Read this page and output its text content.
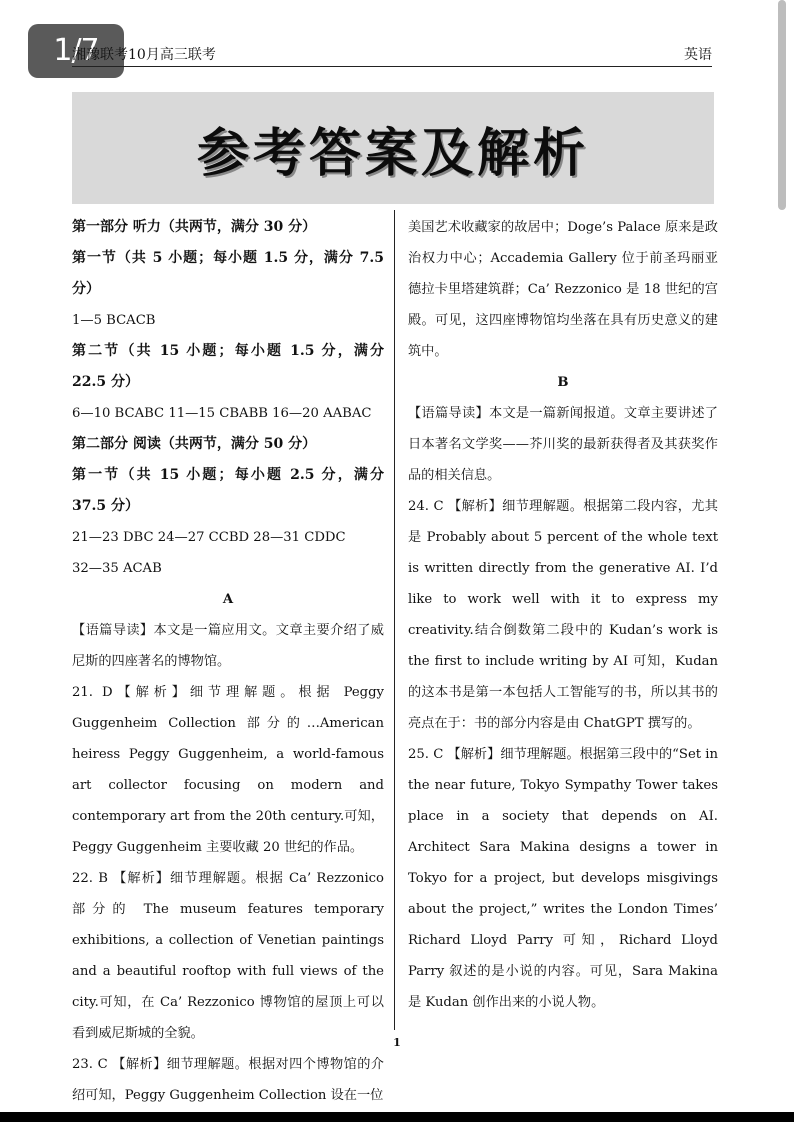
1/7
湘豫联考10月高三联考	英语
参考答案及解析

第一部分 听力（共两节，满分 30 分）

第一节（共 5 小题；每小题 1.5 分，满分 7.5 分）

1—5 BCACB

第二节（共 15 小题；每小题 1.5 分，满分 22.5 分）

6—10 BCABC 11—15 CBABB 16—20 AABAC

第二部分 阅读（共两节，满分 50 分）

第一节（共 15 小题；每小题 2.5 分，满分 37.5 分）

21—23 DBC 24—27 CCBD 28—31 CDDC

32—35 ACAB

A

【语篇导读】本文是一篇应用文。文章主要介绍了威尼斯的四座著名的博物馆。

21. D【解析】细节理解题。根据 Peggy Guggenheim Collection 部分的…American heiress Peggy Guggenheim, a world-famous art collector focusing on modern and contemporary art from the 20th century.可知，Peggy Guggenheim 主要收藏 20 世纪的作品。

22. B 【解析】细节理解题。根据 Ca’ Rezzonico 部分的 The museum features temporary exhibitions, a collection of Venetian paintings and a beautiful rooftop with full views of the city.可知，在 Ca’ Rezzonico 博物馆的屋顶上可以看到威尼斯城的全貌。

23. C 【解析】细节理解题。根据对四个博物馆的介绍可知，Peggy Guggenheim Collection 设在一位

美国艺术收藏家的故居中；Doge’s Palace 原来是政治权力中心；Accademia Gallery 位于前圣玛丽亚德拉卡里塔建筑群；Ca’ Rezzonico 是 18 世纪的宫殿。可见，这四座博物馆均坐落在具有历史意义的建筑中。

B

【语篇导读】本文是一篇新闻报道。文章主要讲述了日本著名文学奖——芥川奖的最新获得者及其获奖作品的相关信息。

24. C 【解析】细节理解题。根据第二段内容，尤其是 Probably about 5 percent of the whole text is written directly from the generative AI. I’d like to work well with it to express my creativity.结合倒数第二段中的 Kudan’s work is the first to include writing by AI 可知，Kudan 的这本书是第一本包括人工智能写的书，所以其书的亮点在于：书的部分内容是由 ChatGPT 撰写的。

25. C 【解析】细节理解题。根据第三段中的“Set in the near future, Tokyo Sympathy Tower takes place in a society that depends on AI. Architect Sara Makina designs a tower in Tokyo for a project, but develops misgivings about the project,” writes the London Times’ Richard Lloyd Parry 可知，Richard Lloyd Parry 叙述的是小说的内容。可见，Sara Makina 是 Kudan 创作出来的小说人物。

1
